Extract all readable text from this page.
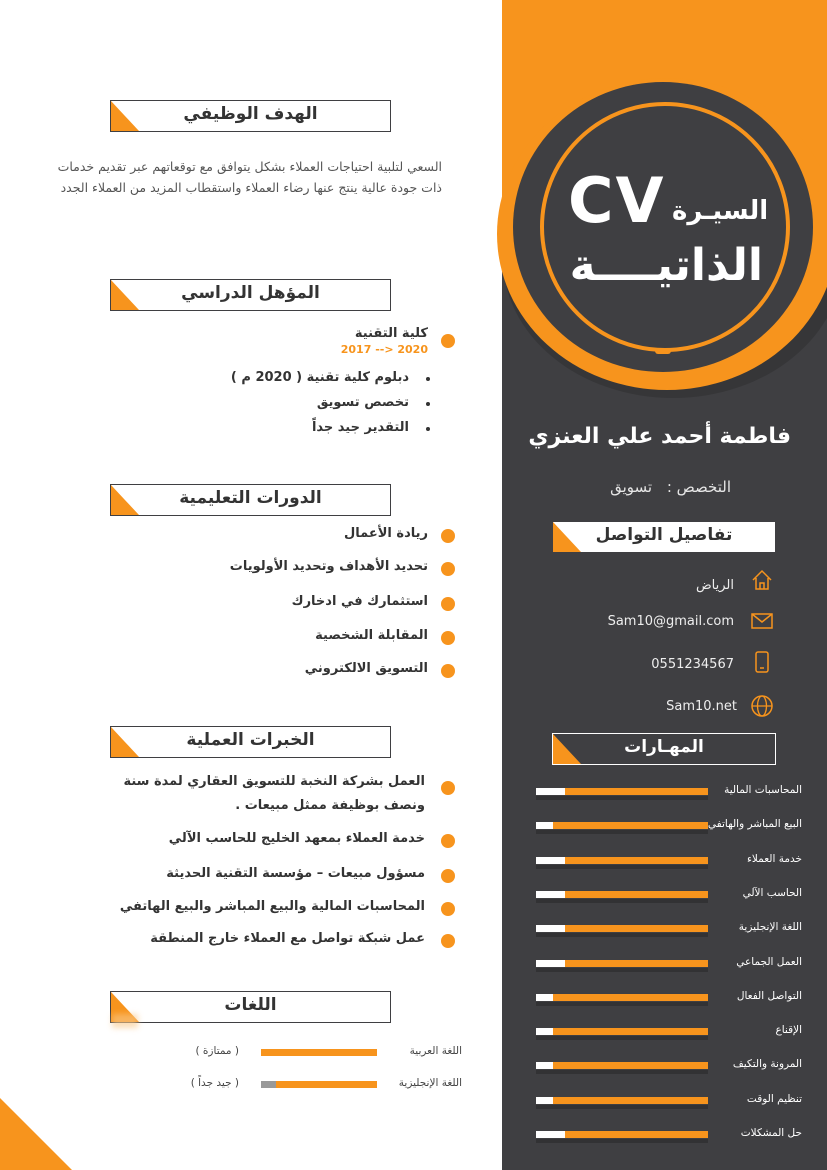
CV السيـرة
الذاتيــــة
فاطمة أحمد علي العنزي
التخصص : تسويق
تفاصيل التواصل
الرياض
Sam10@gmail.com
0551234567
Sam10.net
المهـارات
المحاسبات المالية
البيع المباشر والهاتفي
خدمة العملاء
الحاسب الآلي
اللغة الإنجليزية
العمل الجماعي
التواصل الفعال
الإقناع
المرونة والتكيف
تنظيم الوقت
حل المشكلات
الهدف الوظيفي
السعي لتلبية احتياجات العملاء بشكل يتوافق مع توقعاتهم عبر تقديم خدمات ذات جودة عالية ينتج عنها رضاء العملاء واستقطاب المزيد من العملاء الجدد
المؤهل الدراسي
كلية التقنية
2017 --> 2020
دبلوم كلية تقنية ( 2020 م )
تخصص تسويق
التقدير جيد جداً
الدورات التعليمية
ريادة الأعمال
تحديد الأهداف وتحديد الأولويات
استثمارك في ادخارك
المقابلة الشخصية
التسويق الالكتروني
الخبرات العملية
العمل بشركة النخبة للتسويق العقاري لمدة سنة
ونصف بوظيفة ممثل مبيعات .
خدمة العملاء بمعهد الخليج للحاسب الآلي
مسؤول مبيعات – مؤسسة التقنية الحديثة
المحاسبات المالية والبيع المباشر والبيع الهاتفي
عمل شبكة تواصل مع العملاء خارج المنطقة
اللغات
اللغة العربية
( ممتازة )
اللغة الإنجليزية
( جيد جداً )
